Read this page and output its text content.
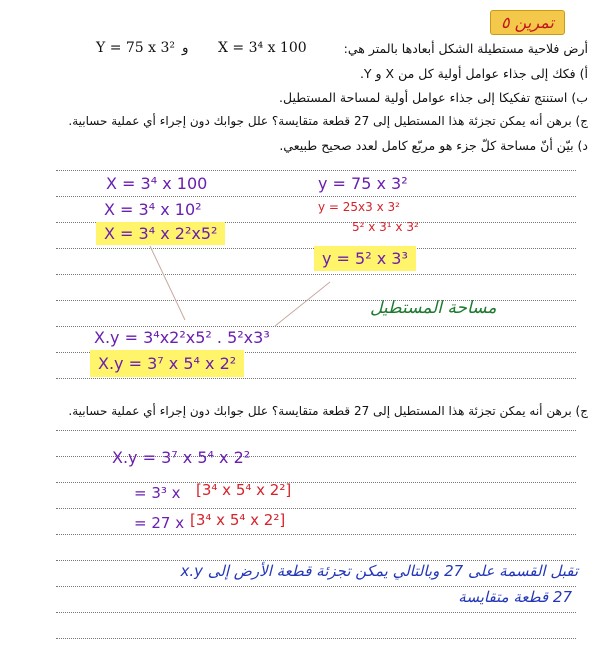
تمرين ٥
Y = 75 x 3² و X = 3⁴ x 100	أرض فلاحية مستطيلة الشكل أبعادها بالمتر هي:
أ) فكك إلى جذاء عوامل أولية كل من X و Y.
ب) استنتج تفكيكا إلى جذاء عوامل أولية لمساحة المستطيل.
ج) برهن أنه يمكن تجزئة هذا المستطيل إلى 27 قطعة متقايسة؟ علل جوابك دون إجراء أي عملية حسابية.
د) بيّن أنّ مساحة كلّ جزء هو مربّع كامل لعدد صحيح طبيعي.
X = 3⁴ x 100
X = 3⁴ x 10²
X = 3⁴ x 2²x5²
y = 75 x 3²
y = 25x3 x 3²
5² x 3¹ x 3²
y = 5² x 3³
مساحة المستطيل
X.y = 3⁴x2²x5² . 5²x3³
X.y = 3⁷ x 5⁴ x 2²
ج) برهن أنه يمكن تجزئة هذا المستطيل إلى 27 قطعة متقايسة؟ علل جوابك دون إجراء أي عملية حسابية.
X.y = 3⁷ x 5⁴ x 2²
= 3³ x [3⁴ x 5⁴ x 2²]
= 27 x [3⁴ x 5⁴ x 2²]
x.y تقبل القسمة على 27 وبالتالي يمكن تجزئة قطعة الأرض إلى
27 قطعة متقايسة
